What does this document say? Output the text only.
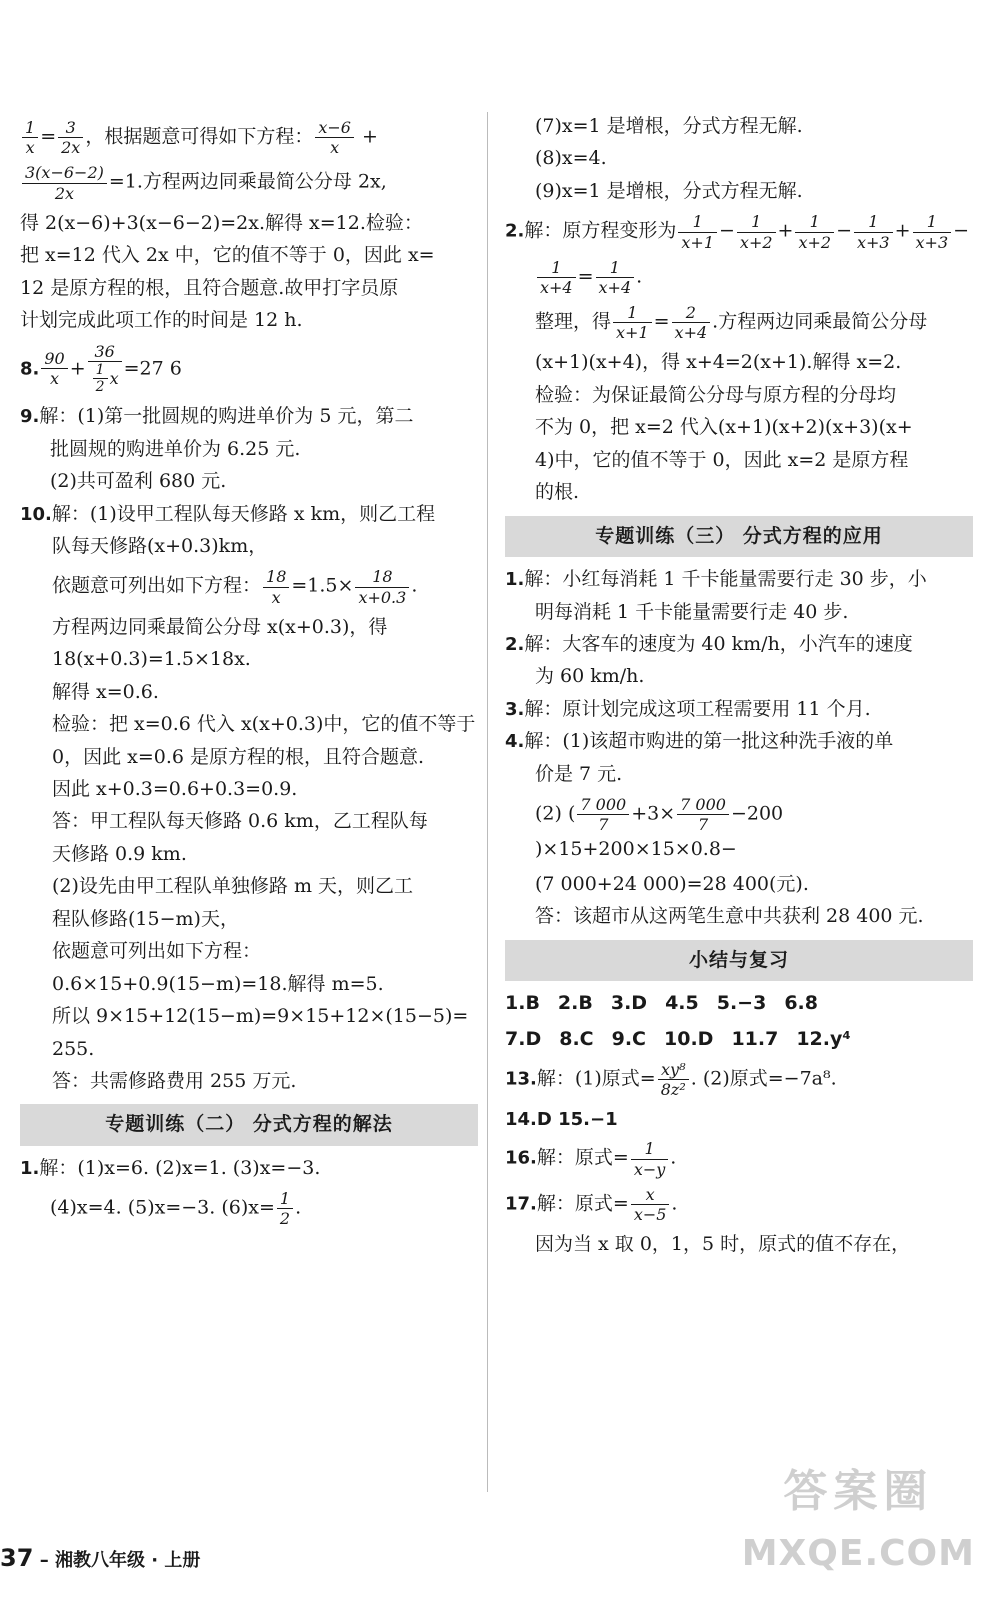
$\frac{1}{x} = \frac{3}{2x}$ ，根据题意可得如下方程： $\frac{x-6}{x}$ +
$\frac{3(x-6-2)}{2x} =1$.方程两边同乘最简公分母 2x,
得 2(x−6)+3(x−6−2)=2x.解得 x=12.检验：
把 x=12 代入 2x 中，它的值不等于 0，因此 x=
12 是原方程的根，且符合题意.故甲打字员原
计划完成此项工作的时间是 12 h.
8. $\frac{90}{x} + \frac{36}{\frac{1}{2} x} =27$ 6
9.解：(1)第一批圆规的购进单价为 5 元，第二
批圆规的购进单价为 6.25 元.
(2)共可盈利 680 元.
10.解：(1)设甲工程队每天修路 x km，则乙工程
队每天修路(x+0.3)km，
依题意可列出如下方程： $\frac{18}{x} =1.5\times \frac{18}{x+0.3}$ .
方程两边同乘最简公分母 x(x+0.3)，得
18(x+0.3)=1.5×18x.
解得 x=0.6.
检验：把 x=0.6 代入 x(x+0.3)中，它的值不等于
0，因此 x=0.6 是原方程的根，且符合题意.
因此 x+0.3=0.6+0.3=0.9.
答：甲工程队每天修路 0.6 km，乙工程队每
天修路 0.9 km.
(2)设先由甲工程队单独修路 m 天，则乙工
程队修路(15−m)天，
依题意可列出如下方程：
0.6×15+0.9(15−m)=18.解得 m=5.
所以 9×15+12(15−m)=9×15+12×(15−5)=
255.
答：共需修路费用 255 万元.
专题训练（二） 分式方程的解法
1.解：(1)x=6. (2)x=1. (3)x=−3.
(4)x=4. (5)x=−3. $(6)x= \frac{1}{2}$ .
(7)x=1 是增根，分式方程无解.
(8)x=4.
(9)x=1 是增根，分式方程无解.
2.解：原方程变形为 $\frac{1}{x+1} - \frac{1}{x+2} + \frac{1}{x+2} - \frac{1}{x+3} + \frac{1}{x+3}$ −
$\frac{1}{x+4} = \frac{1}{x+4}$ .
整理，得 $\frac{1}{x+1} = \frac{2}{x+4}$ .方程两边同乘最简公分母
(x+1)(x+4)，得 x+4=2(x+1).解得 x=2.
检验：为保证最简公分母与原方程的分母均
不为 0，把 x=2 代入(x+1)(x+2)(x+3)(x+
4)中，它的值不等于 0，因此 x=2 是原方程
的根.
专题训练（三） 分式方程的应用
1.解：小红每消耗 1 千卡能量需要行走 30 步，小
明每消耗 1 千卡能量需要行走 40 步.
2.解：大客车的速度为 40 km/h，小汽车的速度
为 60 km/h.
3.解：原计划完成这项工程需要用 11 个月.
4.解：(1)该超市购进的第一批这种洗手液的单
价是 7 元.
(2) ( $\frac{7 000}{7} +3\times \frac{7 000}{7} -200$ )×15+200×15×0.8−
(7 000+24 000)=28 400(元).
答：该超市从这两笔生意中共获利 28 400 元.
小结与复习
1.B 2.B 3.D 4.5 5.−3 6.8
7.D 8.C 9.C 10.D 11.7 12.y⁴
13.解：(1)原式= $\frac{\text{xy⁸}}{\text{8z²}}$ . (2)原式=−7a⁸.
14.D 15.−1
16.解：原式= $\frac{1}{x-y}$ .
17.解：原式= $\frac{x}{x-5}$ .
因为当 x 取 0，1，5 时，原式的值不存在，
37 – 湘教八年级 · 上册
答案圈
MXQE.COM
